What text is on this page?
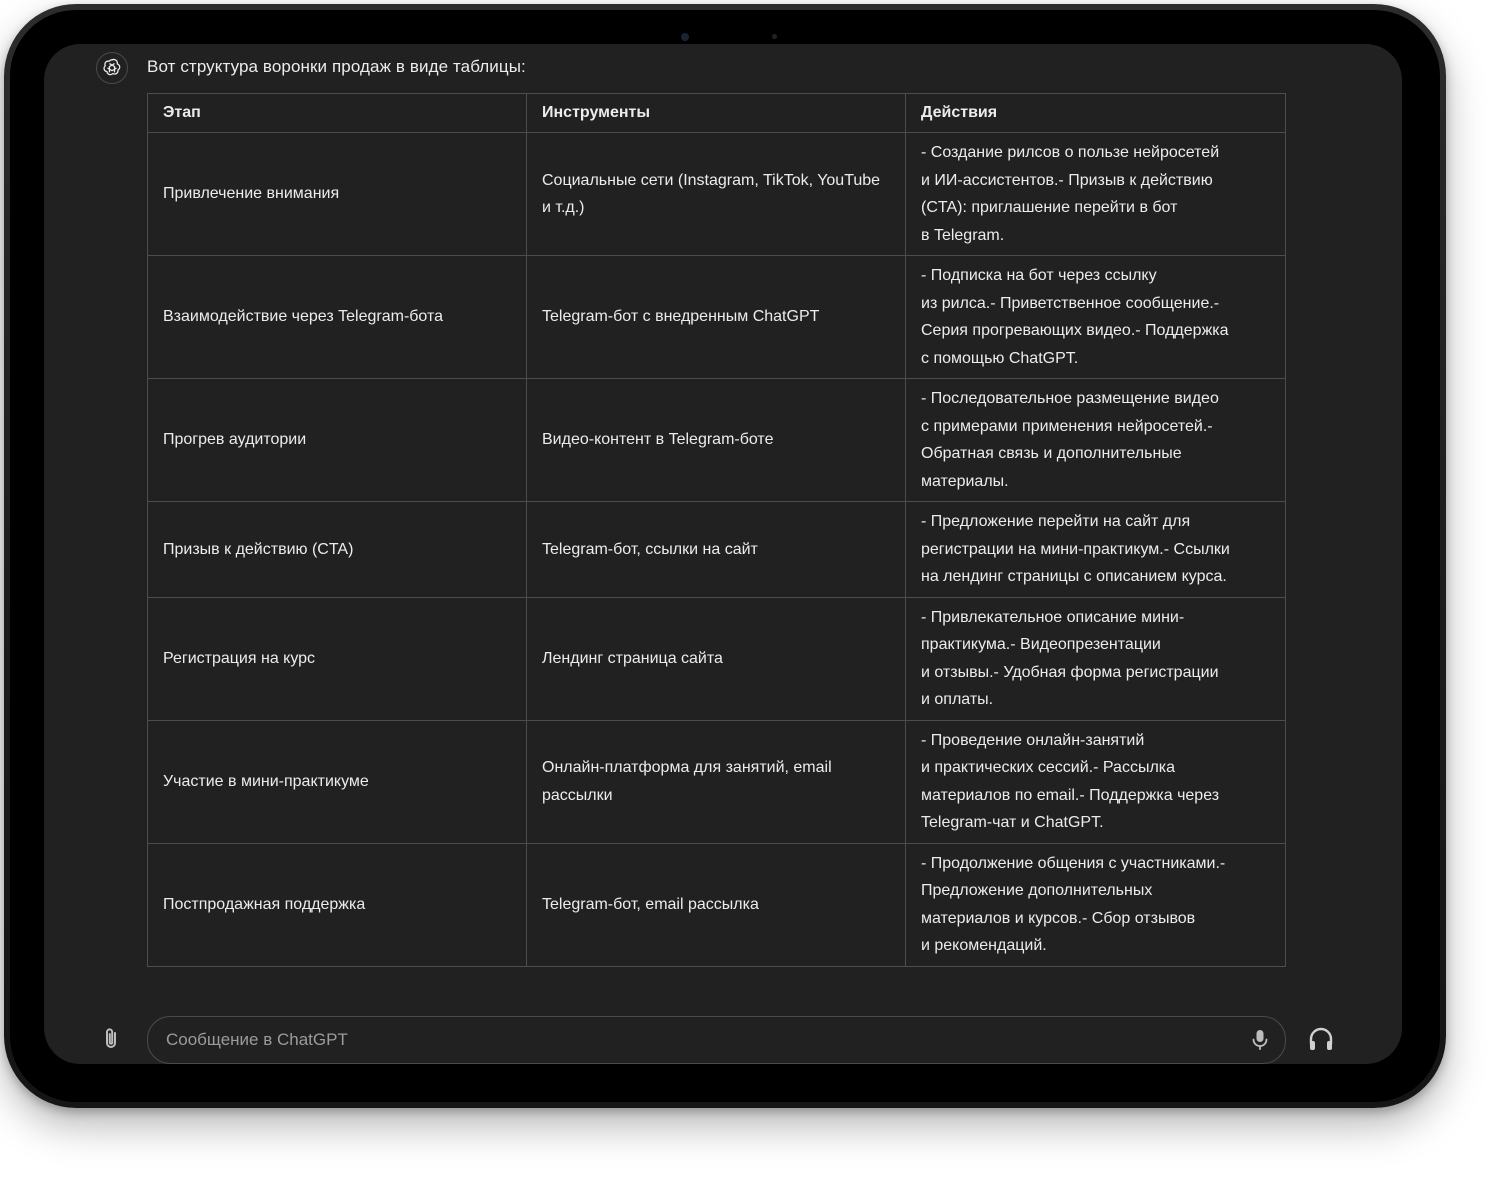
Вот структура воронки продаж в виде таблицы:
Этап	Инструменты	Действия
Привлечение внимания	Социальные сети (Instagram, TikTok, YouTube и т.д.)	- Создание рилсов о пользе нейросетей
и ИИ-ассистентов.- Призыв к действию
(CTA): приглашение перейти в бот
в Telegram.
Взаимодействие через Telegram-бота	Telegram-бот с внедренным ChatGPT	- Подписка на бот через ссылку
из рилса.- Приветственное сообщение.-
Серия прогревающих видео.- Поддержка
с помощью ChatGPT.
Прогрев аудитории	Видео-контент в Telegram-боте	- Последовательное размещение видео
с примерами применения нейросетей.-
Обратная связь и дополнительные
материалы.
Призыв к действию (CTA)	Telegram-бот, ссылки на сайт	- Предложение перейти на сайт для
регистрации на мини-практикум.- Ссылки
на лендинг страницы с описанием курса.
Регистрация на курс	Лендинг страница сайта	- Привлекательное описание мини-
практикума.- Видеопрезентации
и отзывы.- Удобная форма регистрации
и оплаты.
Участие в мини-практикуме	Онлайн-платформа для занятий, email рассылки	- Проведение онлайн-занятий
и практических сессий.- Рассылка
материалов по email.- Поддержка через
Telegram-чат и ChatGPT.
Постпродажная поддержка	Telegram-бот, email рассылка	- Продолжение общения с участниками.-
Предложение дополнительных
материалов и курсов.- Сбор отзывов
и рекомендаций.
Сообщение в ChatGPT
